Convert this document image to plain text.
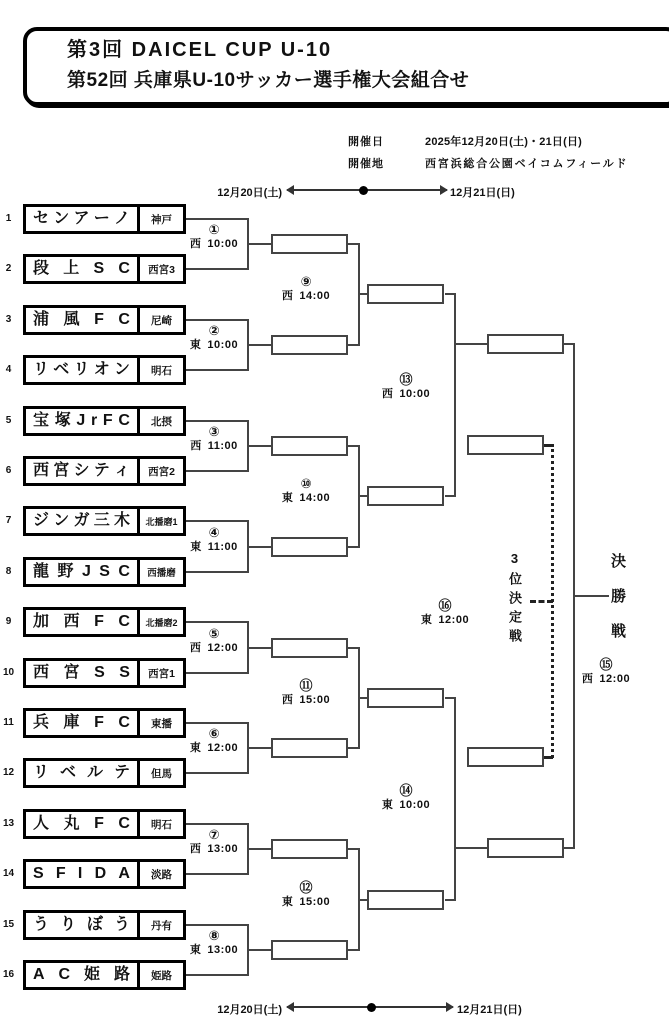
第3回 DAICEL CUP U-10
第52回 兵庫県U-10サッカー選手権大会組合せ
開催日	2025年12月20日(土)・21日(日)
開催地	西宮浜総合公園ベイコムフィールド
12月20日(土)	12月21日(日)
12月20日(土)	12月21日(日)
1	セ ン ア ー ノ	神戸
2	段 上 S C	西宮3
3	浦 風 F C	尼崎
4	リ ベ リ オ ン	明石
5	宝 塚 J r F C	北摂
6	西 宮 シ テ ィ	西宮2
7	ジ ン ガ 三 木	北播磨1
8	龍 野 J S C	西播磨
9	加 西 F C	北播磨2
10 西 宮 S S	西宮1
11 兵 庫 F C	東播
12 リ ベ ル テ	但馬
13 人 丸 F C	明石
14 S F I D A	淡路
15 う り ぼ う	丹有
16 A C 姫 路	姫路
①
西 10:00
②
東 10:00
③
西 11:00
④
東 11:00
⑤
西 12:00
⑥
東 12:00
⑦
西 13:00
⑧
東 13:00
⑨
西 14:00
⑩
東 14:00
⑪
西 15:00
⑫
東 15:00
⑬
西 10:00
⑭
東 10:00
⑯
東 12:00
⑮
西 12:00
3位決定戦	決勝戦
